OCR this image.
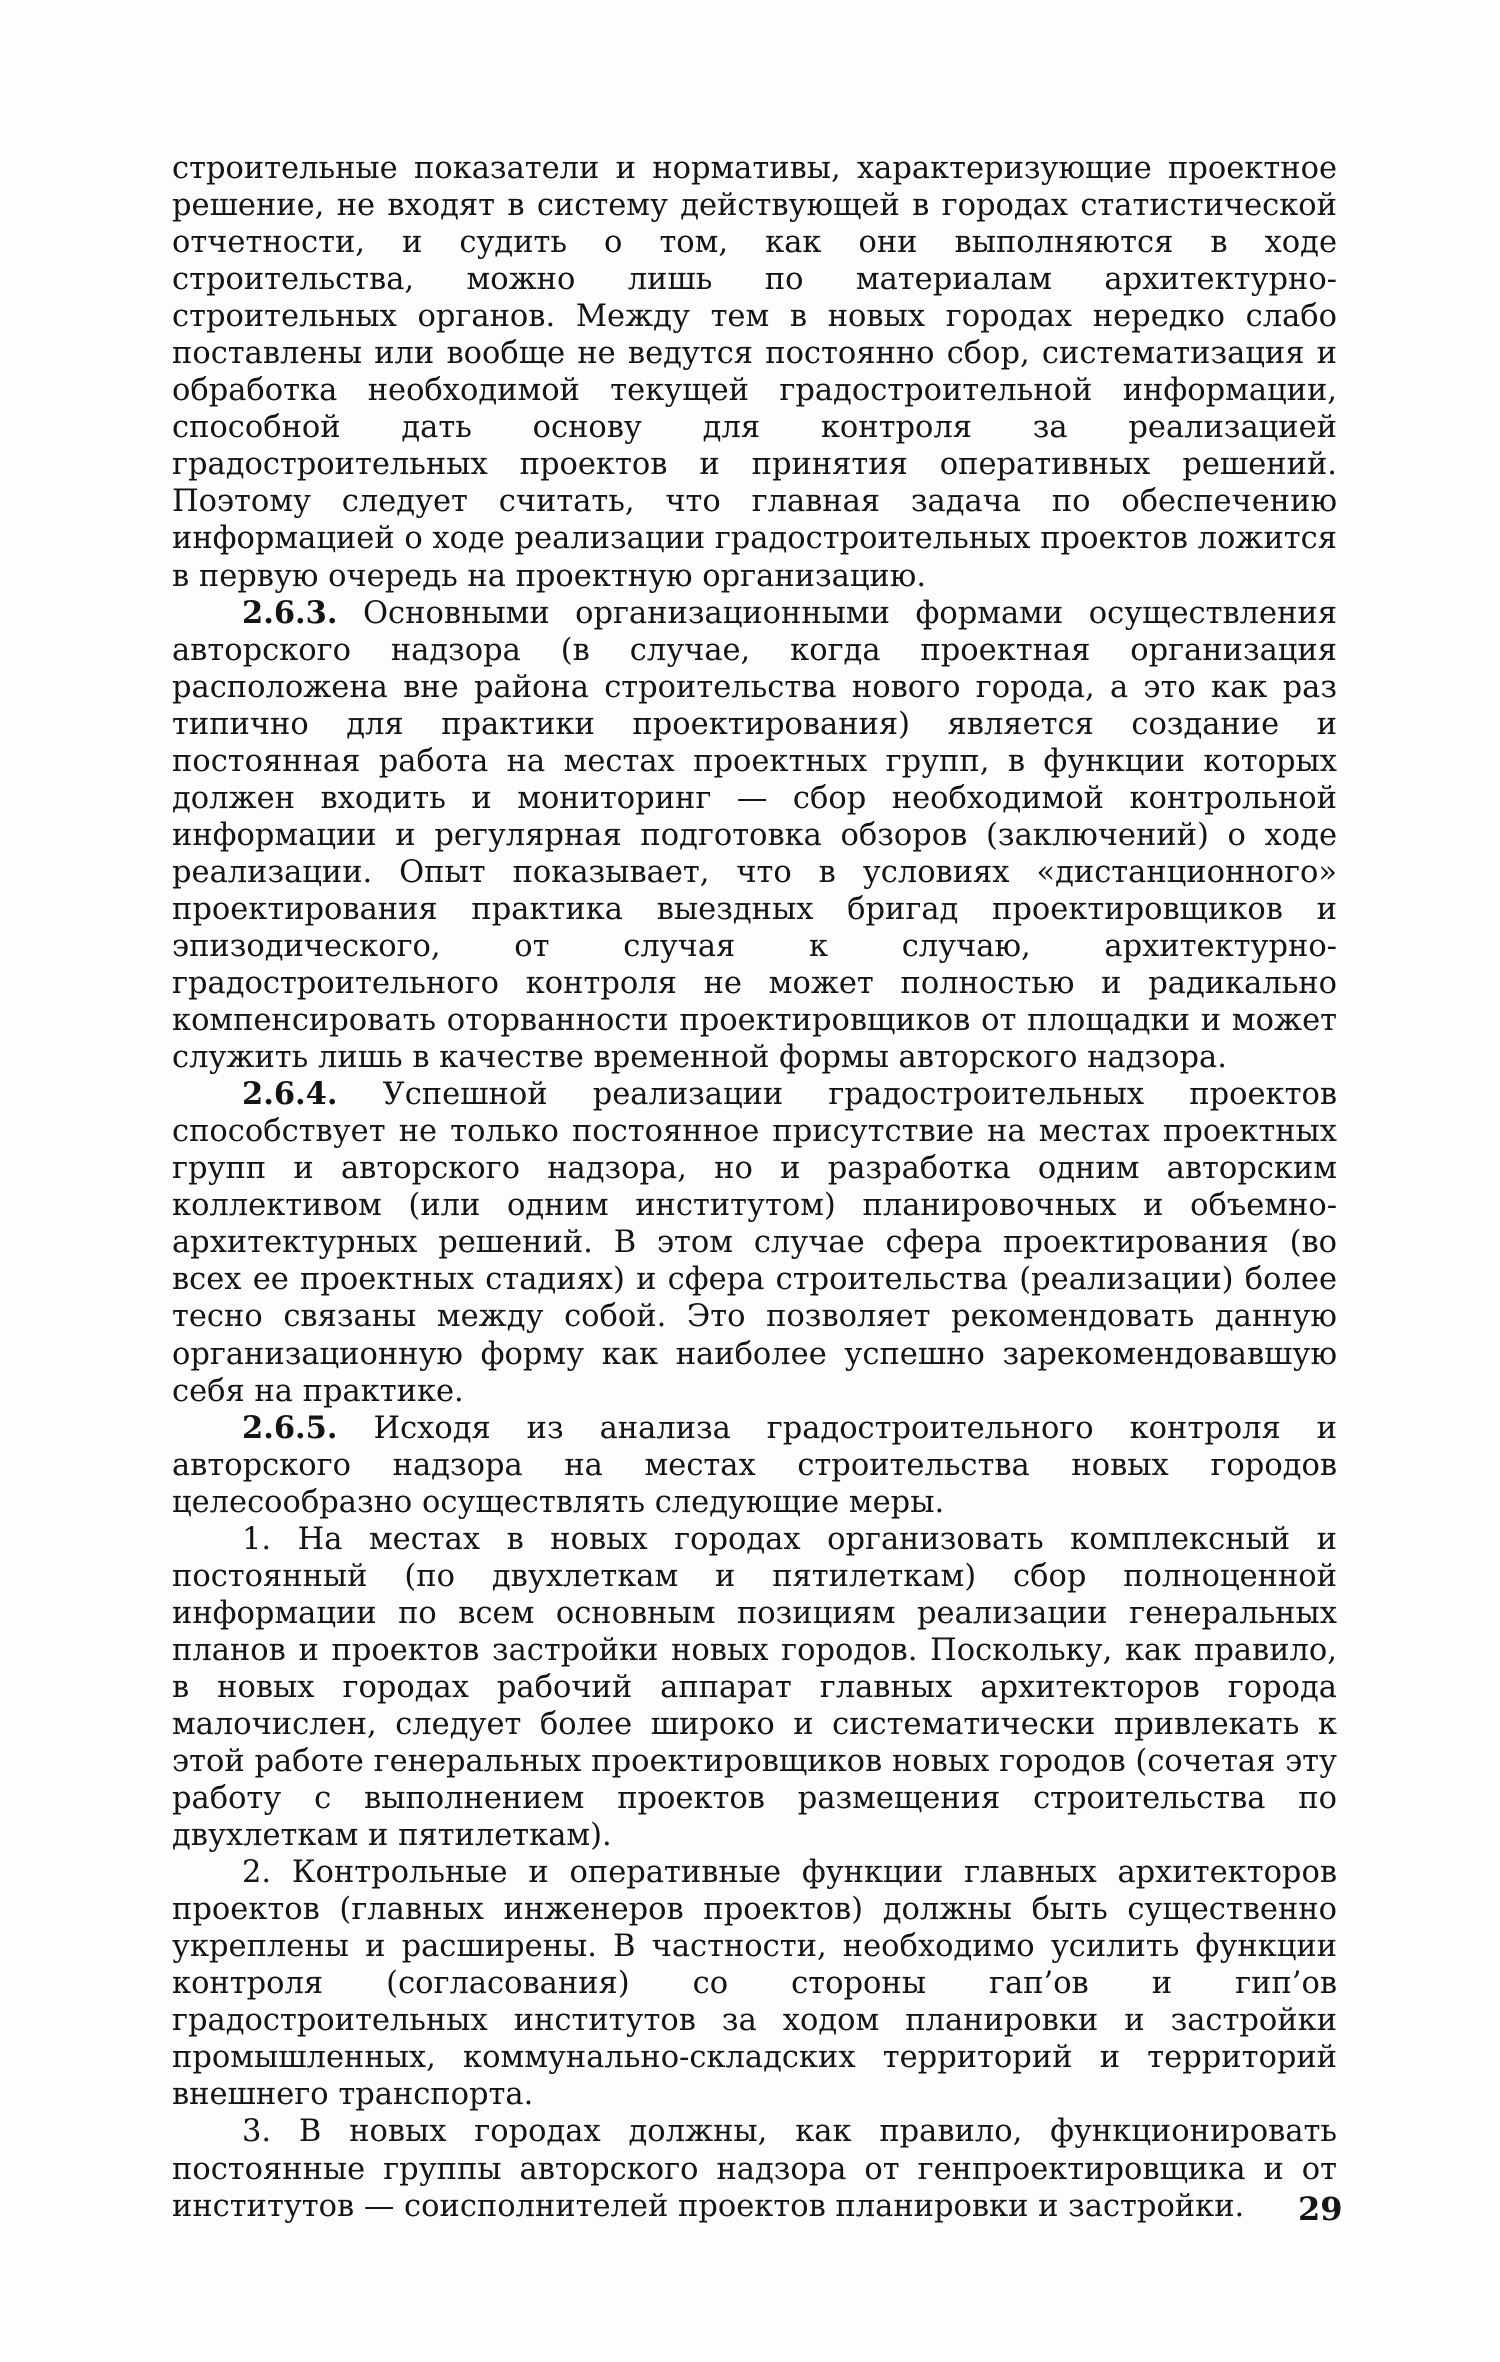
строительные показатели и нормативы, характеризующие проектное решение, не входят в систему действующей в городах статистической отчетности, и судить о том, как они выполняются в ходе строительства, можно лишь по материалам архитектурно-строительных органов. Между тем в новых городах нередко слабо поставлены или вообще не ведутся постоянно сбор, систематизация и обработка необходимой текущей градостроительной информации, способной дать основу для контроля за реализацией градостроительных проектов и принятия оперативных решений. Поэтому следует считать, что главная задача по обеспечению информацией о ходе реализации градостроительных проектов ложится в первую очередь на проектную организацию.

2.6.3. Основными организационными формами осуществления авторского надзора (в случае, когда проектная организация расположена вне района строительства нового города, а это как раз типично для практики проектирования) является создание и постоянная работа на местах проектных групп, в функции которых должен входить и мониторинг — сбор необходимой контрольной информации и регулярная подготовка обзоров (заключений) о ходе реализации. Опыт показывает, что в условиях «дистанционного» проектирования практика выездных бригад проектировщиков и эпизодического, от случая к случаю, архитектурно-градостроительного контроля не может полностью и радикально компенсировать оторванности проектировщиков от площадки и может служить лишь в качестве временной формы авторского надзора.

2.6.4. Успешной реализации градостроительных проектов способствует не только постоянное присутствие на местах проектных групп и авторского надзора, но и разработка одним авторским коллективом (или одним институтом) планировочных и объемно-архитектурных решений. В этом случае сфера проектирования (во всех ее проектных стадиях) и сфера строительства (реализации) более тесно связаны между собой. Это позволяет рекомендовать данную организационную форму как наиболее успешно зарекомендовавшую себя на практике.

2.6.5. Исходя из анализа градостроительного контроля и авторского надзора на местах строительства новых городов целесообразно осуществлять следующие меры.

1. На местах в новых городах организовать комплексный и постоянный (по двухлеткам и пятилеткам) сбор полноценной информации по всем основным позициям реализации генеральных планов и проектов застройки новых городов. Поскольку, как правило, в новых городах рабочий аппарат главных архитекторов города малочислен, следует более широко и систематически привлекать к этой работе генеральных проектировщиков новых городов (сочетая эту работу с выполнением проектов размещения строительства по двухлеткам и пятилеткам).

2. Контрольные и оперативные функции главных архитекторов проектов (главных инженеров проектов) должны быть существенно укреплены и расширены. В частности, необходимо усилить функции контроля (согласования) со стороны гап’ов и гип’ов градостроительных институтов за ходом планировки и застройки промышленных, коммунально-складских территорий и территорий внешнего транспорта.

3. В новых городах должны, как правило, функционировать постоянные группы авторского надзора от генпроектировщика и от институтов — соисполнителей проектов планировки и застройки.	29
